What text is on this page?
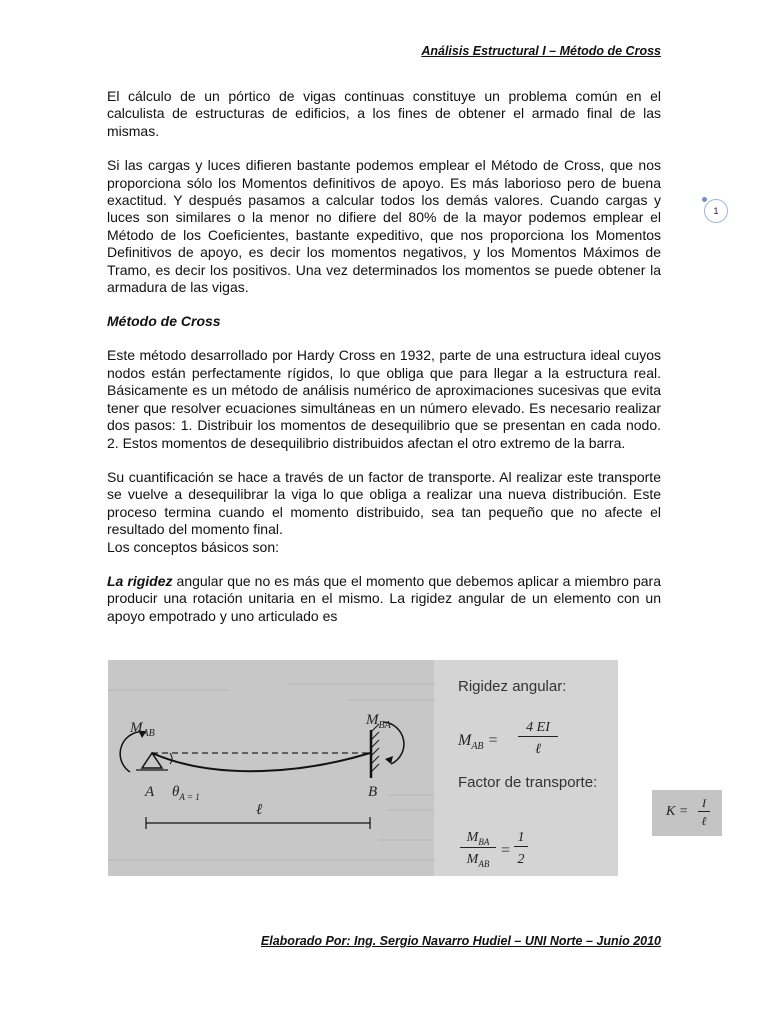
Análisis Estructural I – Método de Cross
1

El cálculo de un pórtico de vigas continuas constituye un problema común en el calculista de estructuras de edificios, a los fines de obtener el armado final de las mismas.

Si las cargas y luces difieren bastante podemos emplear el Método de Cross, que nos proporciona sólo los Momentos definitivos de apoyo. Es más laborioso pero de buena exactitud. Y después pasamos a calcular todos los demás valores. Cuando cargas y luces son similares o la menor no difiere del 80% de la mayor podemos emplear el Método de los Coeficientes, bastante expeditivo, que nos proporciona los Momentos Definitivos de apoyo, es decir los momentos negativos, y los Momentos Máximos de Tramo, es decir los positivos. Una vez determinados los momentos se puede obtener la armadura de las vigas.

Método de Cross

Este método desarrollado por Hardy Cross en 1932, parte de una estructura ideal cuyos nodos están perfectamente rígidos, lo que obliga que para llegar a la estructura real. Básicamente es un método de análisis numérico de aproximaciones sucesivas que evita tener que resolver ecuaciones simultáneas en un número elevado. Es necesario realizar dos pasos: 1. Distribuir los momentos de desequilibrio que se presentan en cada nodo. 2. Estos momentos de desequilibrio distribuidos afectan el otro extremo de la barra.

Su cuantificación se hace a través de un factor de transporte. Al realizar este transporte se vuelve a desequilibrar la viga lo que obliga a realizar una nueva distribución. Este proceso termina cuando el momento distribuido, sea tan pequeño que no afecte el resultado del momento final.

Los conceptos básicos son:

La rigidez angular que no es más que el momento que debemos aplicar a miembro para producir una rotación unitaria en el mismo. La rigidez angular de un elemento con un apoyo empotrado y uno articulado es

$M_{AB}$
$M_{BA}$
A	B
$\theta_{A = 1}$
ℓ
Rigidez angular:
$M_{AB}$ =
4 EI
ℓ
Factor de transporte:
$M_{BA}$
$M_{AB}$
=
1
2
K =
I
ℓ
Elaborado Por: Ing. Sergio Navarro Hudiel – UNI Norte – Junio 2010
